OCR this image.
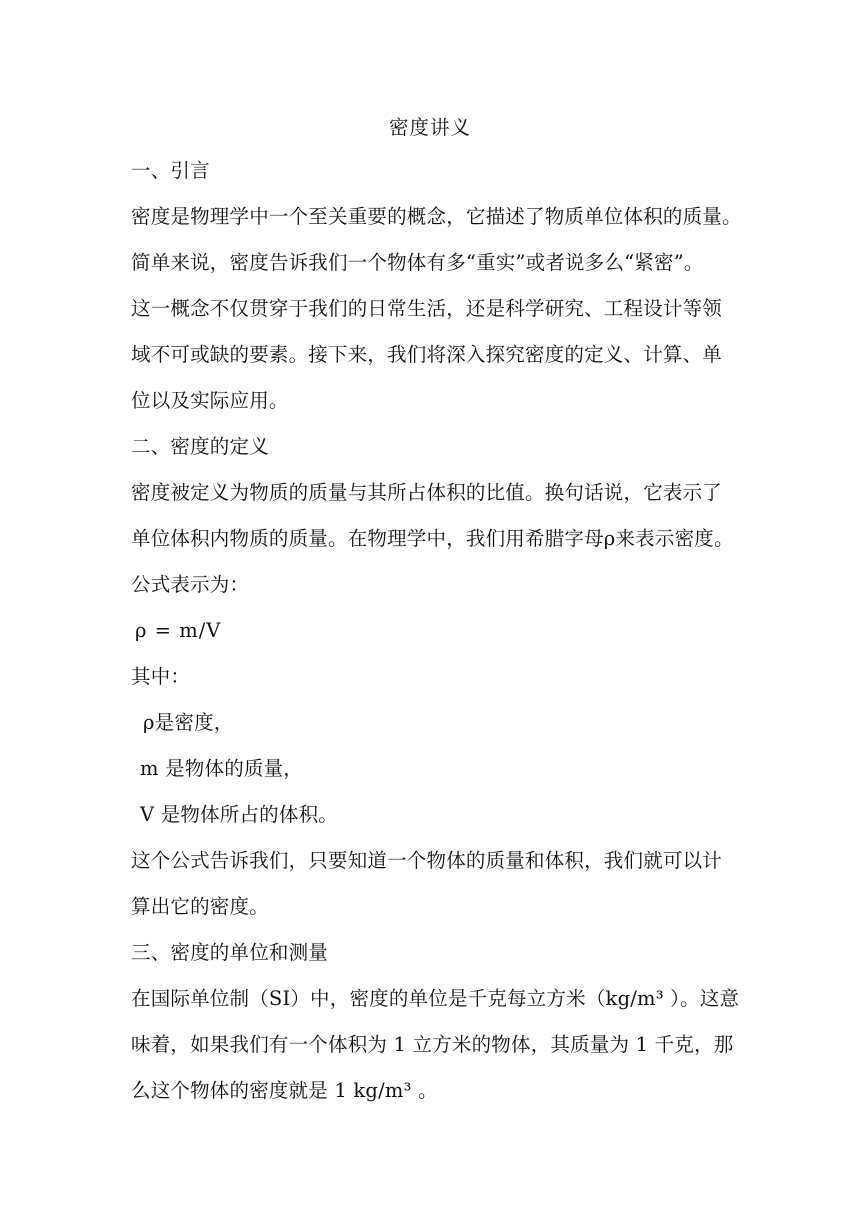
密度讲义
一、引言
密度是物理学中一个至关重要的概念，它描述了物质单位体积的质量。
简单来说，密度告诉我们一个物体有多“重实”或者说多么“紧密”。
这一概念不仅贯穿于我们的日常生活，还是科学研究、工程设计等领
域不可或缺的要素。接下来，我们将深入探究密度的定义、计算、单
位以及实际应用。
二、密度的定义
密度被定义为物质的质量与其所占体积的比值。换句话说，它表示了
单位体积内物质的质量。在物理学中，我们用希腊字母ρ来表示密度。
公式表示为：
ρ = m/V
其中：
ρ是密度，
m 是物体的质量，
V 是物体所占的体积。
这个公式告诉我们，只要知道一个物体的质量和体积，我们就可以计
算出它的密度。
三、密度的单位和测量
在国际单位制（SI）中，密度的单位是千克每立方米（kg/m³ ）。这意
味着，如果我们有一个体积为 1 立方米的物体，其质量为 1 千克，那
么这个物体的密度就是 1 kg/m³ 。
